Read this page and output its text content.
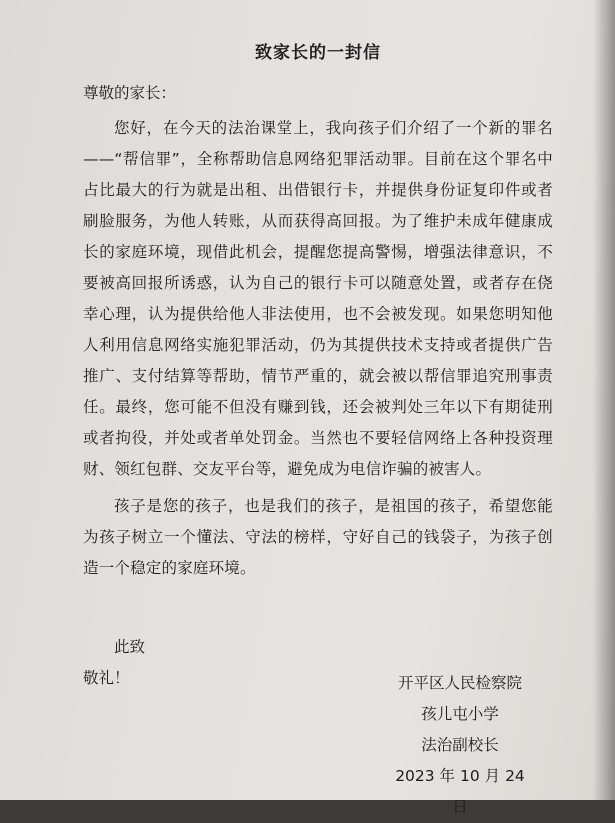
致家长的一封信
尊敬的家长：

您好，在今天的法治课堂上，我向孩子们介绍了一个新的罪名——“帮信罪”，全称帮助信息网络犯罪活动罪。目前在这个罪名中占比最大的行为就是出租、出借银行卡，并提供身份证复印件或者刷脸服务，为他人转账，从而获得高回报。为了维护未成年健康成长的家庭环境，现借此机会，提醒您提高警惕，增强法律意识，不要被高回报所诱惑，认为自己的银行卡可以随意处置，或者存在侥幸心理，认为提供给他人非法使用，也不会被发现。如果您明知他人利用信息网络实施犯罪活动，仍为其提供技术支持或者提供广告推广、支付结算等帮助，情节严重的，就会被以帮信罪追究刑事责任。最终，您可能不但没有赚到钱，还会被判处三年以下有期徒刑或者拘役，并处或者单处罚金。当然也不要轻信网络上各种投资理财、领红包群、交友平台等，避免成为电信诈骗的被害人。

孩子是您的孩子，也是我们的孩子，是祖国的孩子，希望您能为孩子树立一个懂法、守法的榜样，守好自己的钱袋子，为孩子创造一个稳定的家庭环境。

此致
敬礼！	开平区人民检察院
孩儿屯小学
法治副校长
2023 年 10 月 24 日
